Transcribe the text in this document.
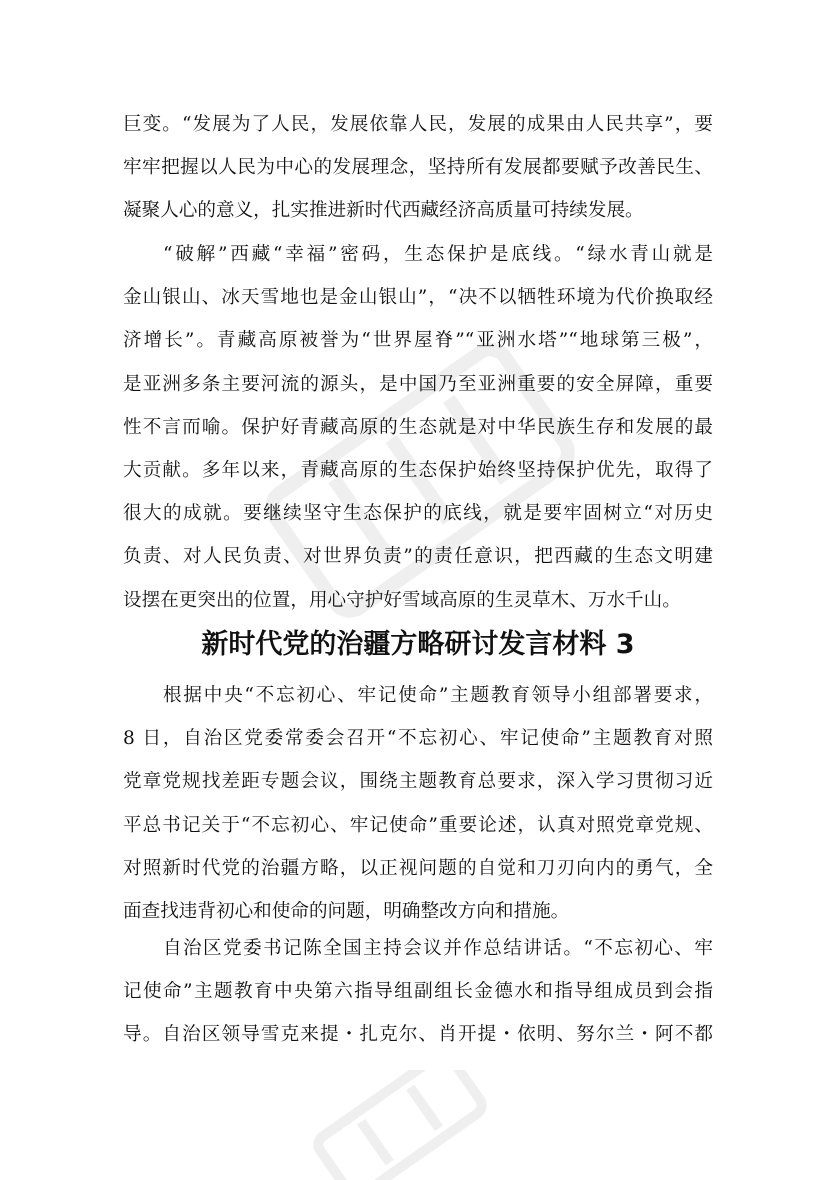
巨变。“发展为了人民，发展依靠人民，发展的成果由人民共享”，要
牢牢把握以人民为中心的发展理念，坚持所有发展都要赋予改善民生、
凝聚人心的意义，扎实推进新时代西藏经济高质量可持续发展。
“破解”西藏“幸福”密码，生态保护是底线。“绿水青山就是
金山银山、冰天雪地也是金山银山”，“决不以牺牲环境为代价换取经
济增长”。青藏高原被誉为“世界屋脊”“亚洲水塔”“地球第三极”，
是亚洲多条主要河流的源头，是中国乃至亚洲重要的安全屏障，重要
性不言而喻。保护好青藏高原的生态就是对中华民族生存和发展的最
大贡献。多年以来，青藏高原的生态保护始终坚持保护优先，取得了
很大的成就。要继续坚守生态保护的底线，就是要牢固树立“对历史
负责、对人民负责、对世界负责”的责任意识，把西藏的生态文明建
设摆在更突出的位置，用心守护好雪域高原的生灵草木、万水千山。
新时代党的治疆方略研讨发言材料 3
根据中央“不忘初心、牢记使命”主题教育领导小组部署要求，
8 日，自治区党委常委会召开“不忘初心、牢记使命”主题教育对照
党章党规找差距专题会议，围绕主题教育总要求，深入学习贯彻习近
平总书记关于“不忘初心、牢记使命”重要论述，认真对照党章党规、
对照新时代党的治疆方略，以正视问题的自觉和刀刃向内的勇气，全
面查找违背初心和使命的问题，明确整改方向和措施。
自治区党委书记陈全国主持会议并作总结讲话。“不忘初心、牢
记使命”主题教育中央第六指导组副组长金德水和指导组成员到会指
导。自治区领导雪克来提・扎克尔、肖开提・依明、努尔兰・阿不都
